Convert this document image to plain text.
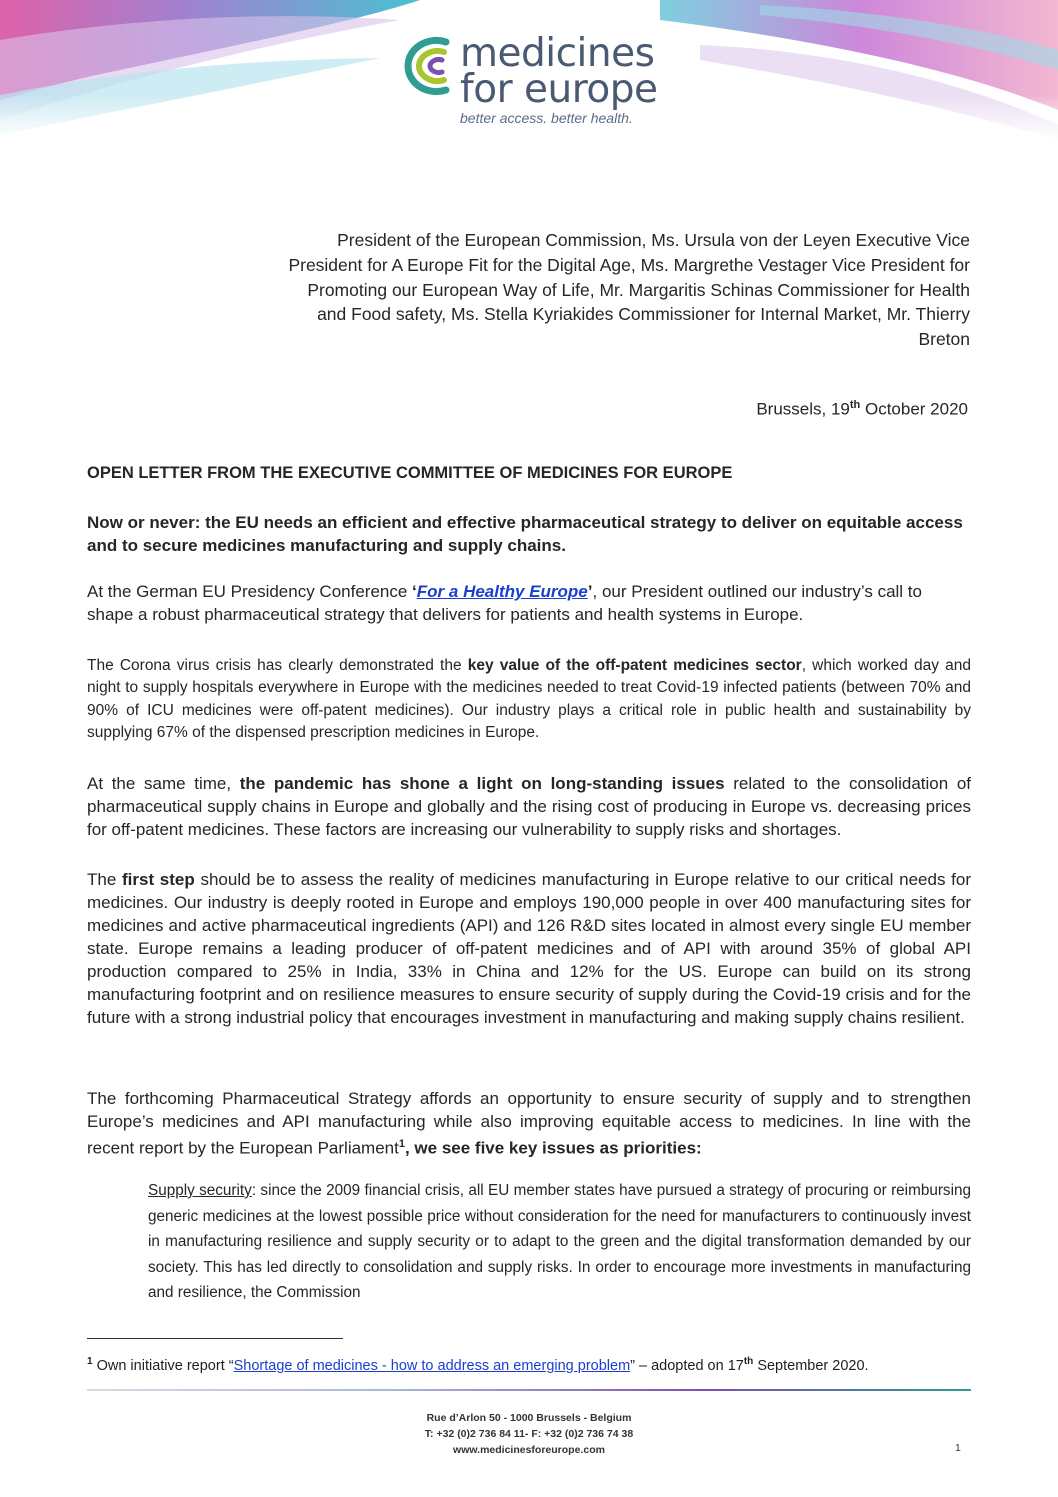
medicines
for europe
better access. better health.
President of the European Commission, Ms. Ursula von der Leyen Executive Vice President for A Europe Fit for the Digital Age, Ms. Margrethe Vestager Vice President for Promoting our European Way of Life, Mr. Margaritis Schinas Commissioner for Health and Food safety, Ms. Stella Kyriakides Commissioner for Internal Market, Mr. Thierry Breton
Brussels, 19th October 2020

OPEN LETTER FROM THE EXECUTIVE COMMITTEE OF MEDICINES FOR EUROPE

Now or never: the EU needs an efficient and effective pharmaceutical strategy to deliver on equitable access and to secure medicines manufacturing and supply chains.

At the German EU Presidency Conference ‘For a Healthy Europe’, our President outlined our industry’s call to shape a robust pharmaceutical strategy that delivers for patients and health systems in Europe.

The Corona virus crisis has clearly demonstrated the key value of the off-patent medicines sector, which worked day and night to supply hospitals everywhere in Europe with the medicines needed to treat Covid-19 infected patients (between 70% and 90% of ICU medicines were off-patent medicines). Our industry plays a critical role in public health and sustainability by supplying 67% of the dispensed prescription medicines in Europe.

At the same time, the pandemic has shone a light on long-standing issues related to the consolidation of pharmaceutical supply chains in Europe and globally and the rising cost of producing in Europe vs. decreasing prices for off-patent medicines. These factors are increasing our vulnerability to supply risks and shortages.

The first step should be to assess the reality of medicines manufacturing in Europe relative to our critical needs for medicines. Our industry is deeply rooted in Europe and employs 190,000 people in over 400 manufacturing sites for medicines and active pharmaceutical ingredients (API) and 126 R&D sites located in almost every single EU member state. Europe remains a leading producer of off-patent medicines and of API with around 35% of global API production compared to 25% in India, 33% in China and 12% for the US. Europe can build on its strong manufacturing footprint and on resilience measures to ensure security of supply during the Covid-19 crisis and for the future with a strong industrial policy that encourages investment in manufacturing and making supply chains resilient.

The forthcoming Pharmaceutical Strategy affords an opportunity to ensure security of supply and to strengthen Europe’s medicines and API manufacturing while also improving equitable access to medicines. In line with the recent report by the European Parliament$^1$, we see five key issues as priorities:

Supply security: since the 2009 financial crisis, all EU member states have pursued a strategy of procuring or reimbursing generic medicines at the lowest possible price without consideration for the need for manufacturers to continuously invest in manufacturing resilience and supply security or to adapt to the green and the digital transformation demanded by our society. This has led directly to consolidation and supply risks. In order to encourage more investments in manufacturing and resilience, the Commission

$^1$ Own initiative report “Shortage of medicines - how to address an emerging problem” – adopted on 17th September 2020.
Rue d’Arlon 50 - 1000 Brussels - Belgium
T: +32 (0)2 736 84 11- F: +32 (0)2 736 74 38
www.medicinesforeurope.com	1
